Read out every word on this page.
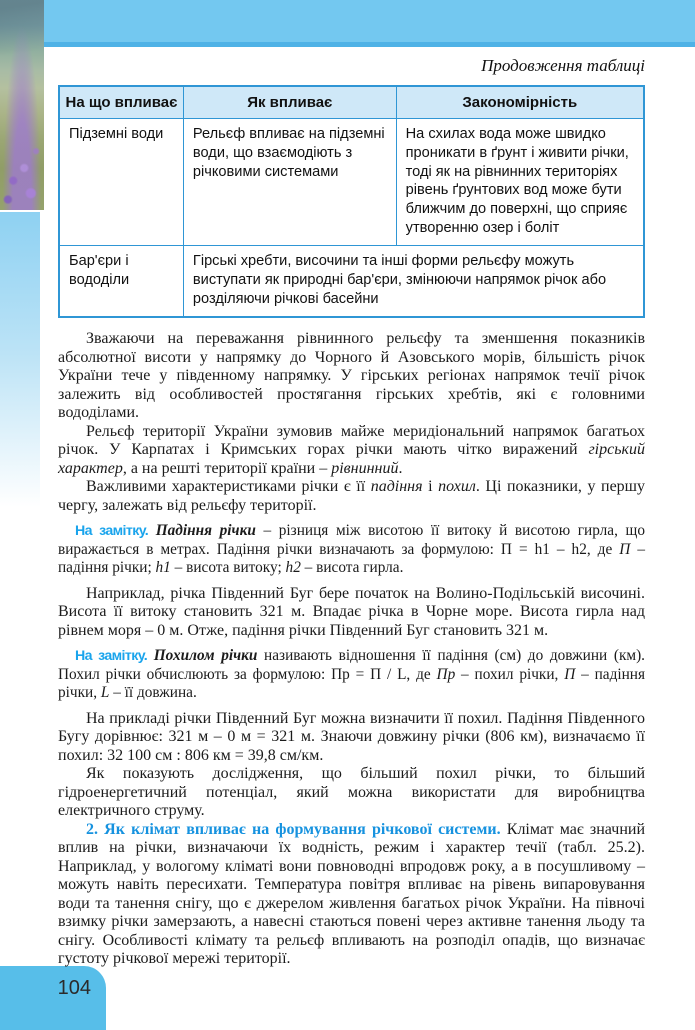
104
Продовження таблиці
На що впливає	Як впливає	Закономірність
Підземні води	Рельєф впливає на підземні води, що взаємодіють з річковими системами	На схилах вода може швидко проникати в ґрунт і живити річки, тоді як на рівнинних територіях рівень ґрунтових вод може бути ближчим до поверхні, що сприяє утворенню озер і боліт
Бар'єри і вододіли	Гірські хребти, височини та інші форми рельєфу можуть виступати як природні бар'єри, змінюючи напрямок річок або розділяючи річкові басейни	

Зважаючи на переважання рівнинного рельєфу та зменшення показників абсолютної висоти у напрямку до Чорного й Азовського морів, більшість річок України тече у південному напрямку. У гірських регіонах напрямок течії річок залежить від особливостей простягання гірських хребтів, які є головними вододілами.

Рельєф території України зумовив майже меридіональний напрямок багатьох річок. У Карпатах і Кримських горах річки мають чітко виражений гірський характер, а на решті території країни – рівнинний.

Важливими характеристиками річки є її падіння і похил. Ці показники, у першу чергу, залежать від рельєфу території.

На замітку. Падіння річки – різниця між висотою її витоку й висотою гирла, що виражається в метрах. Падіння річки визначають за формулою: П = h1 – h2, де П – падіння річки; h1 – висота витоку; h2 – висота гирла.

Наприклад, річка Південний Буг бере початок на Волино-Подільській височині. Висота її витоку становить 321 м. Впадає річка в Чорне море. Висота гирла над рівнем моря – 0 м. Отже, падіння річки Південний Буг становить 321 м.

На замітку. Похилом річки називають відношення її падіння (см) до довжини (км). Похил річки обчислюють за формулою: Пр = П / L, де Пр – похил річки, П – падіння річки, L – її довжина.

На прикладі річки Південний Буг можна визначити її похил. Падіння Південного Бугу дорівнює: 321 м – 0 м = 321 м. Знаючи довжину річки (806 км), визначаємо її похил: 32 100 см : 806 км = 39,8 см/км.

Як показують дослідження, що більший похил річки, то більший гідроенергетичний потенціал, який можна використати для виробництва електричного струму.

2. Як клімат впливає на формування річкової системи. Клімат має значний вплив на річки, визначаючи їх водність, режим і характер течії (табл. 25.2). Наприклад, у вологому кліматі вони повноводні впродовж року, а в посушливому – можуть навіть пересихати. Температура повітря впливає на рівень випаровування води та танення снігу, що є джерелом живлення багатьох річок України. На півночі взимку річки замерзають, а навесні стаються повені через активне танення льоду та снігу. Особливості клімату та рельєф впливають на розподіл опадів, що визначає густоту річкової мережі території.
